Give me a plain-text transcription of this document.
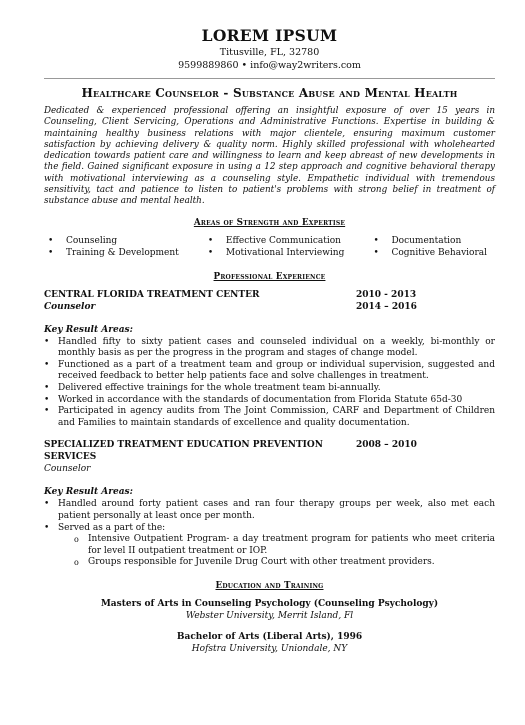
LOREM IPSUM
Titusville, FL, 32780
9599889860 • info@way2writers.com
Healthcare Counselor - Substance Abuse and Mental Health

Dedicated & experienced professional offering an insightful exposure of over 15 years in Counseling, Client Servicing, Operations and Administrative Functions. Expertise in building & maintaining healthy business relations with major clientele, ensuring maximum customer satisfaction by achieving delivery & quality norm. Highly skilled professional with wholehearted dedication towards patient care and willingness to learn and keep abreast of new developments in the field. Gained significant exposure in using a 12 step approach and cognitive behavioral therapy with motivational interviewing as a counseling style. Empathetic individual with tremendous sensitivity, tact and patience to listen to patient's problems with strong belief in treatment of substance abuse and mental health.

Areas of Strength and Expertise
• Counseling
• Training & Development
• Effective Communication
• Motivational Interviewing
• Documentation
• Cognitive Behavioral
Professional Experience
CENTRAL FLORIDA TREATMENT CENTER	2010 - 2013
Counselor	2014 – 2016
Key Result Areas:
• Handled fifty to sixty patient cases and counseled individual on a weekly, bi-monthly or monthly basis as per the progress in the program and stages of change model.
• Functioned as a part of a treatment team and group or individual supervision, suggested and received feedback to better help patients face and solve challenges in treatment.
• Delivered effective trainings for the whole treatment team bi-annually.
• Worked in accordance with the standards of documentation from Florida Statute 65d-30
• Participated in agency audits from The Joint Commission, CARF and Department of Children and Families to maintain standards of excellence and quality documentation.
SPECIALIZED TREATMENT EDUCATION PREVENTION SERVICES
2008 – 2010
Counselor
Key Result Areas:
• Handled around forty patient cases and ran four therapy groups per week, also met each patient personally at least once per month.
• Served as a part of the:
o Intensive Outpatient Program- a day treatment program for patients who meet criteria for level II outpatient treatment or IOP.
o Groups responsible for Juvenile Drug Court with other treatment providers.
Education and Training
Masters of Arts in Counseling Psychology (Counseling Psychology)
Webster University, Merrit Island, Fl
Bachelor of Arts (Liberal Arts), 1996
Hofstra University, Uniondale, NY
